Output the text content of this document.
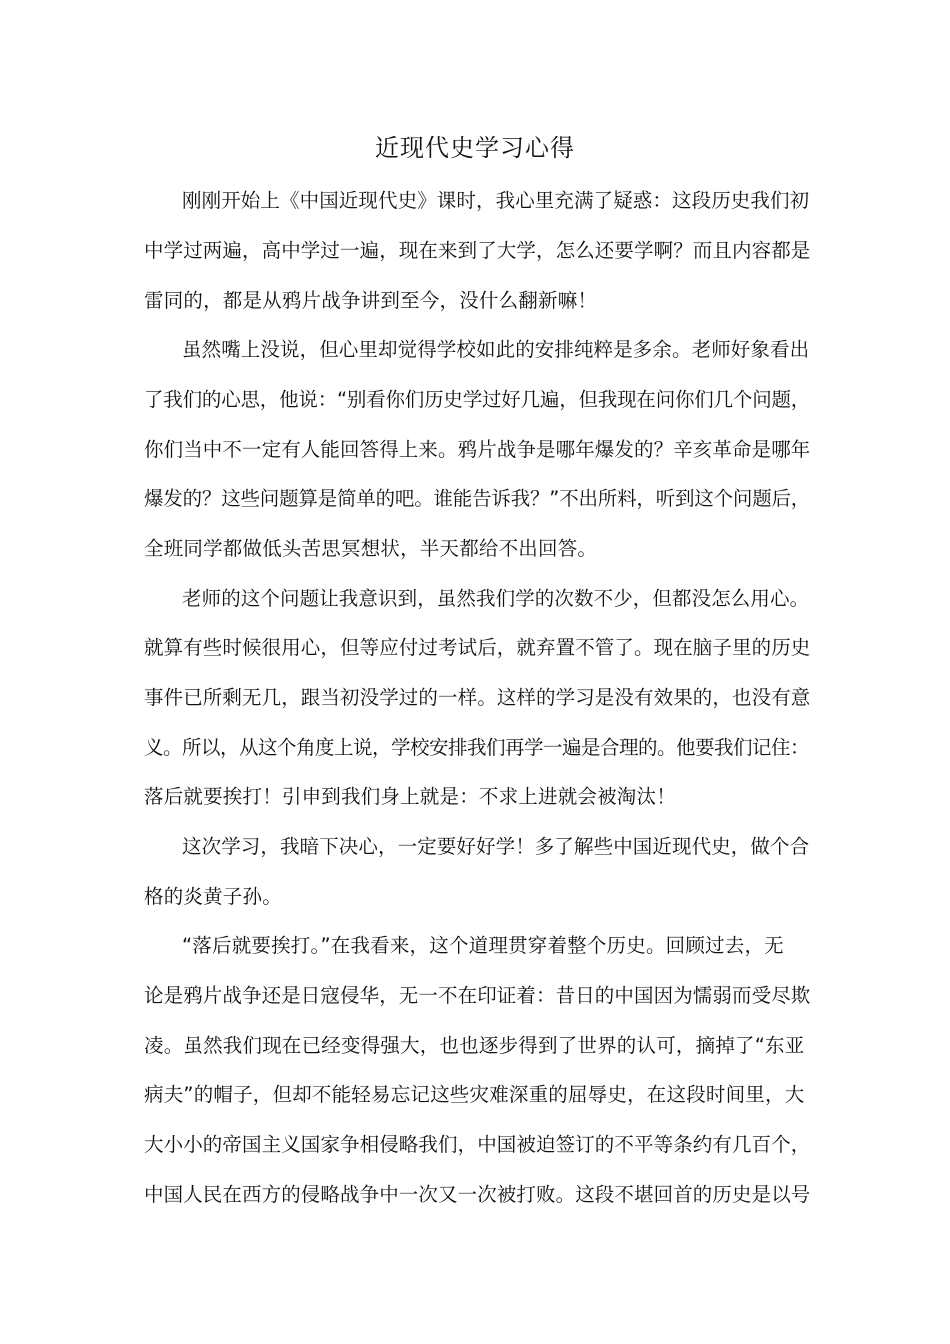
近现代史学习心得
刚刚开始上《中国近现代史》课时，我心里充满了疑惑：这段历史我们初
中学过两遍，高中学过一遍，现在来到了大学，怎么还要学啊？而且内容都是
雷同的，都是从鸦片战争讲到至今，没什么翻新嘛！
虽然嘴上没说，但心里却觉得学校如此的安排纯粹是多余。老师好象看出
了我们的心思，他说：“别看你们历史学过好几遍，但我现在问你们几个问题，
你们当中不一定有人能回答得上来。鸦片战争是哪年爆发的？辛亥革命是哪年
爆发的？这些问题算是简单的吧。谁能告诉我？”不出所料，听到这个问题后，
全班同学都做低头苦思冥想状，半天都给不出回答。
老师的这个问题让我意识到，虽然我们学的次数不少，但都没怎么用心。
就算有些时候很用心，但等应付过考试后，就弃置不管了。现在脑子里的历史
事件已所剩无几，跟当初没学过的一样。这样的学习是没有效果的，也没有意
义。所以，从这个角度上说，学校安排我们再学一遍是合理的。他要我们记住：
落后就要挨打！引申到我们身上就是：不求上进就会被淘汰！
这次学习，我暗下决心，一定要好好学！多了解些中国近现代史，做个合
格的炎黄子孙。
“落后就要挨打。”在我看来，这个道理贯穿着整个历史。回顾过去，无
论是鸦片战争还是日寇侵华，无一不在印证着：昔日的中国因为懦弱而受尽欺
凌。虽然我们现在已经变得强大，也也逐步得到了世界的认可，摘掉了“东亚
病夫”的帽子，但却不能轻易忘记这些灾难深重的屈辱史，在这段时间里，大
大小小的帝国主义国家争相侵略我们，中国被迫签订的不平等条约有几百个，
中国人民在西方的侵略战争中一次又一次被打败。这段不堪回首的历史是以号
